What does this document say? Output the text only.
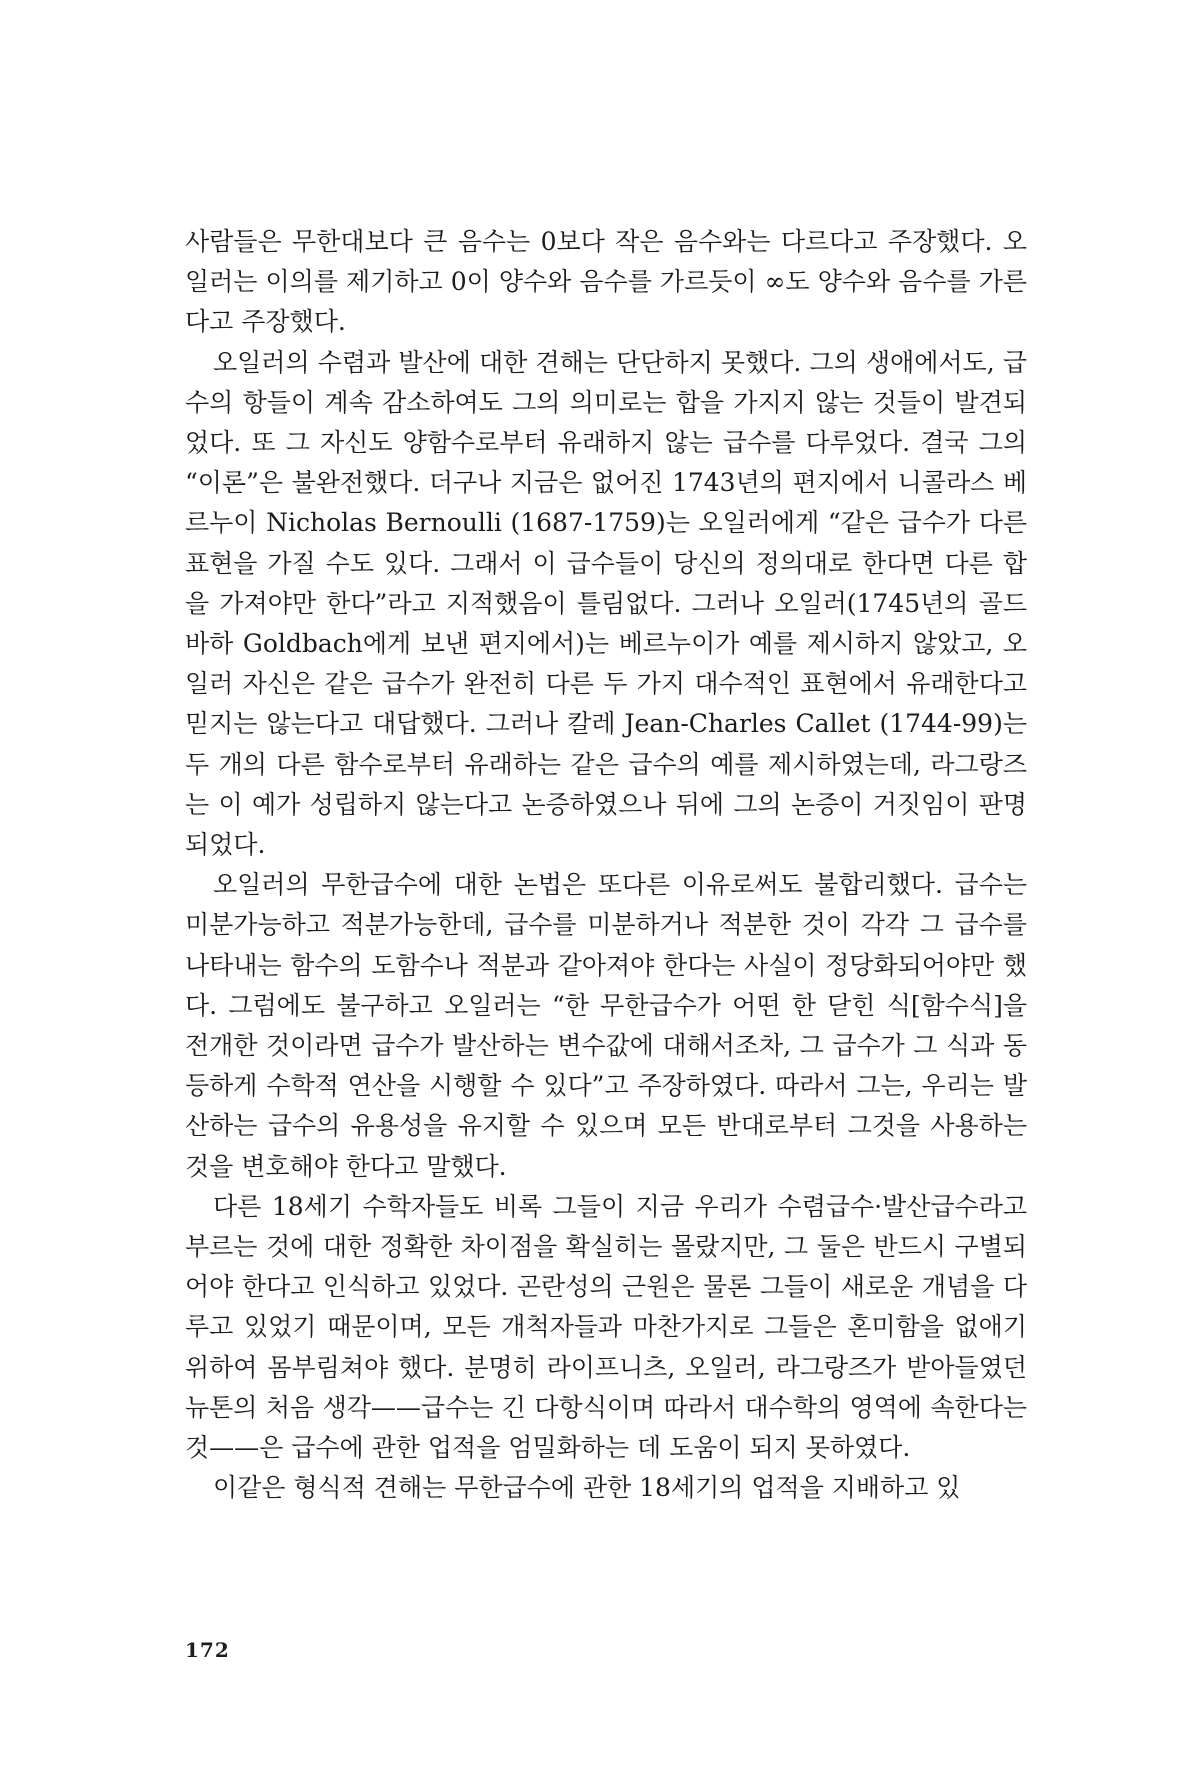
사람들은 무한대보다 큰 음수는 0보다 작은 음수와는 다르다고 주장했다. 오일러는 이의를 제기하고 0이 양수와 음수를 가르듯이 ∞도 양수와 음수를 가른다고 주장했다.

오일러의 수렴과 발산에 대한 견해는 단단하지 못했다. 그의 생애에서도, 급수의 항들이 계속 감소하여도 그의 의미로는 합을 가지지 않는 것들이 발견되었다. 또 그 자신도 양함수로부터 유래하지 않는 급수를 다루었다. 결국 그의 “이론”은 불완전했다. 더구나 지금은 없어진 1743년의 편지에서 니콜라스 베르누이 Nicholas Bernoulli (1687-1759)는 오일러에게 “같은 급수가 다른 표현을 가질 수도 있다. 그래서 이 급수들이 당신의 정의대로 한다면 다른 합을 가져야만 한다”라고 지적했음이 틀림없다. 그러나 오일러(1745년의 골드바하 Goldbach에게 보낸 편지에서)는 베르누이가 예를 제시하지 않았고, 오일러 자신은 같은 급수가 완전히 다른 두 가지 대수적인 표현에서 유래한다고 믿지는 않는다고 대답했다. 그러나 칼레 Jean-Charles Callet (1744-99)는 두 개의 다른 함수로부터 유래하는 같은 급수의 예를 제시하였는데, 라그랑즈는 이 예가 성립하지 않는다고 논증하였으나 뒤에 그의 논증이 거짓임이 판명되었다.

오일러의 무한급수에 대한 논법은 또다른 이유로써도 불합리했다. 급수는 미분가능하고 적분가능한데, 급수를 미분하거나 적분한 것이 각각 그 급수를 나타내는 함수의 도함수나 적분과 같아져야 한다는 사실이 정당화되어야만 했다. 그럼에도 불구하고 오일러는 “한 무한급수가 어떤 한 닫힌 식[함수식]을 전개한 것이라면 급수가 발산하는 변수값에 대해서조차, 그 급수가 그 식과 동등하게 수학적 연산을 시행할 수 있다”고 주장하였다. 따라서 그는, 우리는 발산하는 급수의 유용성을 유지할 수 있으며 모든 반대로부터 그것을 사용하는 것을 변호해야 한다고 말했다.

다른 18세기 수학자들도 비록 그들이 지금 우리가 수렴급수·발산급수라고 부르는 것에 대한 정확한 차이점을 확실히는 몰랐지만, 그 둘은 반드시 구별되어야 한다고 인식하고 있었다. 곤란성의 근원은 물론 그들이 새로운 개념을 다루고 있었기 때문이며, 모든 개척자들과 마찬가지로 그들은 혼미함을 없애기 위하여 몸부림쳐야 했다. 분명히 라이프니츠, 오일러, 라그랑즈가 받아들였던 뉴톤의 처음 생각——급수는 긴 다항식이며 따라서 대수학의 영역에 속한다는 것——은 급수에 관한 업적을 엄밀화하는 데 도움이 되지 못하였다.

이같은 형식적 견해는 무한급수에 관한 18세기의 업적을 지배하고 있

172
